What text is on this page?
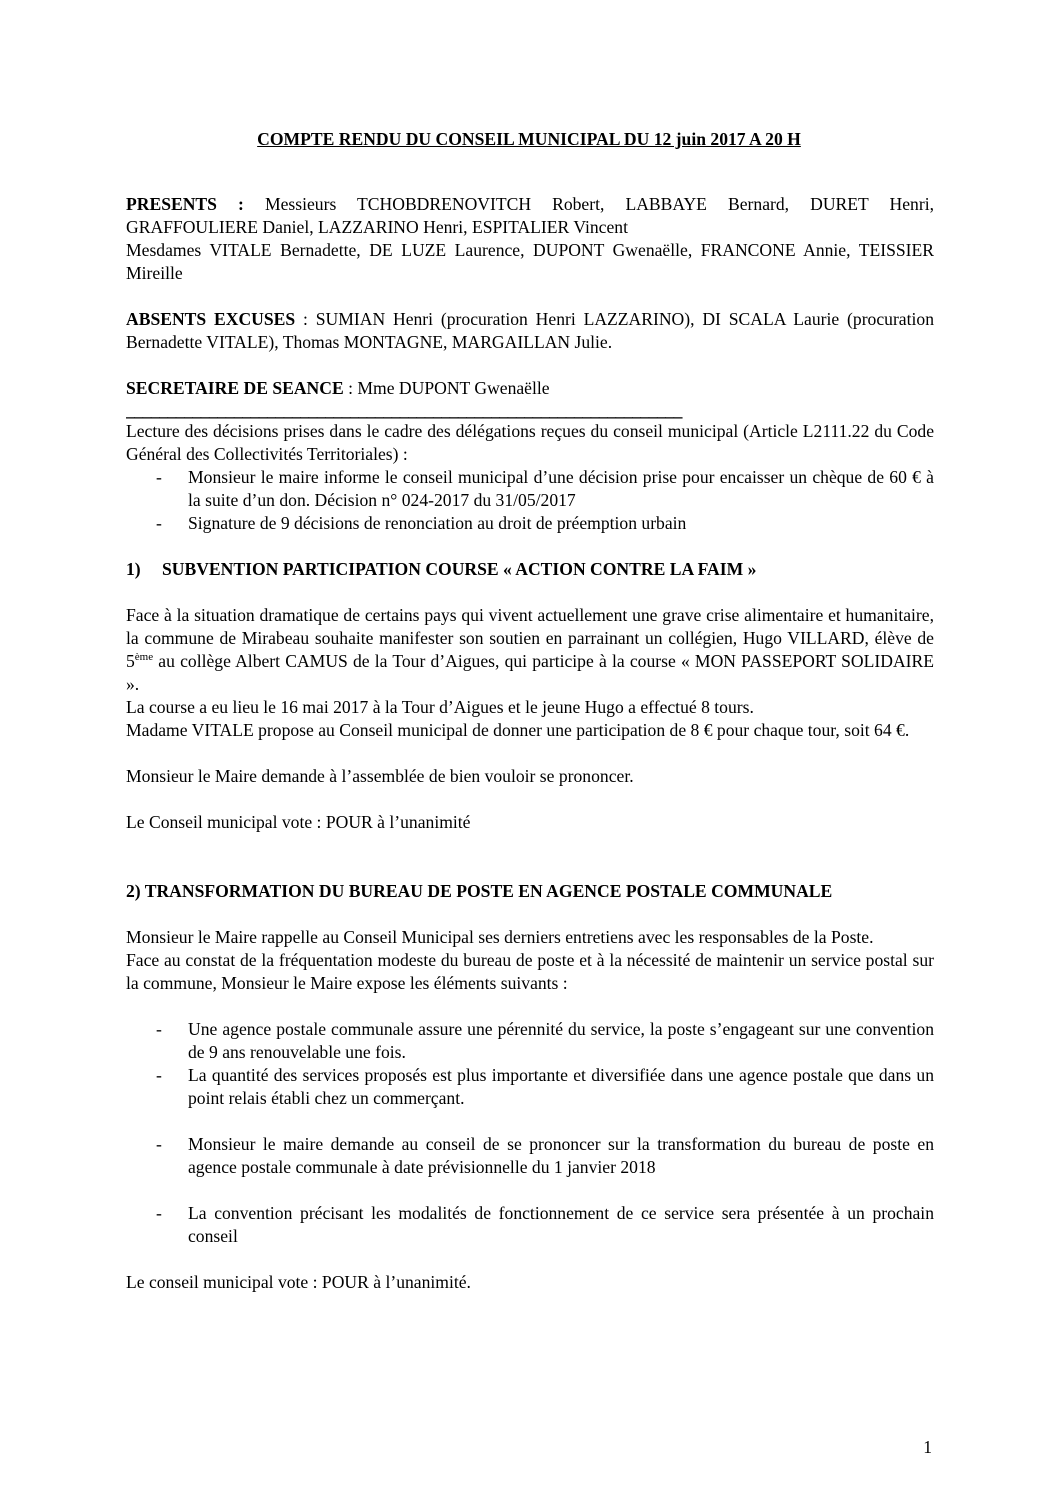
COMPTE RENDU DU CONSEIL MUNICIPAL DU 12 juin 2017 A 20 H

PRESENTS : Messieurs TCHOBDRENOVITCH Robert, LABBAYE Bernard, DURET Henri, GRAFFOULIERE Daniel, LAZZARINO Henri, ESPITALIER Vincent

Mesdames VITALE Bernadette, DE LUZE Laurence, DUPONT Gwenaëlle, FRANCONE Annie, TEISSIER Mireille

ABSENTS EXCUSES : SUMIAN Henri (procuration Henri LAZZARINO), DI SCALA Laurie (procuration Bernadette VITALE), Thomas MONTAGNE, MARGAILLAN Julie.

SECRETAIRE DE SEANCE : Mme DUPONT Gwenaëlle

___________________________________________________________________

Lecture des décisions prises dans le cadre des délégations reçues du conseil municipal (Article L2111.22 du Code Général des Collectivités Territoriales) :

- Monsieur le maire informe le conseil municipal d’une décision prise pour encaisser un chèque de 60 € à la suite d’un don. Décision n° 024-2017 du 31/05/2017
- Signature de 9 décisions de renonciation au droit de préemption urbain

1) SUBVENTION PARTICIPATION COURSE « ACTION CONTRE LA FAIM »

Face à la situation dramatique de certains pays qui vivent actuellement une grave crise alimentaire et humanitaire, la commune de Mirabeau souhaite manifester son soutien en parrainant un collégien, Hugo VILLARD, élève de 5ème au collège Albert CAMUS de la Tour d’Aigues, qui participe à la course « MON PASSEPORT SOLIDAIRE ».

La course a eu lieu le 16 mai 2017 à la Tour d’Aigues et le jeune Hugo a effectué 8 tours.

Madame VITALE propose au Conseil municipal de donner une participation de 8 € pour chaque tour, soit 64 €.

Monsieur le Maire demande à l’assemblée de bien vouloir se prononcer.

Le Conseil municipal vote : POUR à l’unanimité

2) TRANSFORMATION DU BUREAU DE POSTE EN AGENCE POSTALE COMMUNALE

Monsieur le Maire rappelle au Conseil Municipal ses derniers entretiens avec les responsables de la Poste.

Face au constat de la fréquentation modeste du bureau de poste et à la nécessité de maintenir un service postal sur la commune, Monsieur le Maire expose les éléments suivants :

- Une agence postale communale assure une pérennité du service, la poste s’engageant sur une convention de 9 ans renouvelable une fois.
- La quantité des services proposés est plus importante et diversifiée dans une agence postale que dans un point relais établi chez un commerçant.
- Monsieur le maire demande au conseil de se prononcer sur la transformation du bureau de poste en agence postale communale à date prévisionnelle du 1 janvier 2018
- La convention précisant les modalités de fonctionnement de ce service sera présentée à un prochain conseil

Le conseil municipal vote : POUR à l’unanimité.

1
